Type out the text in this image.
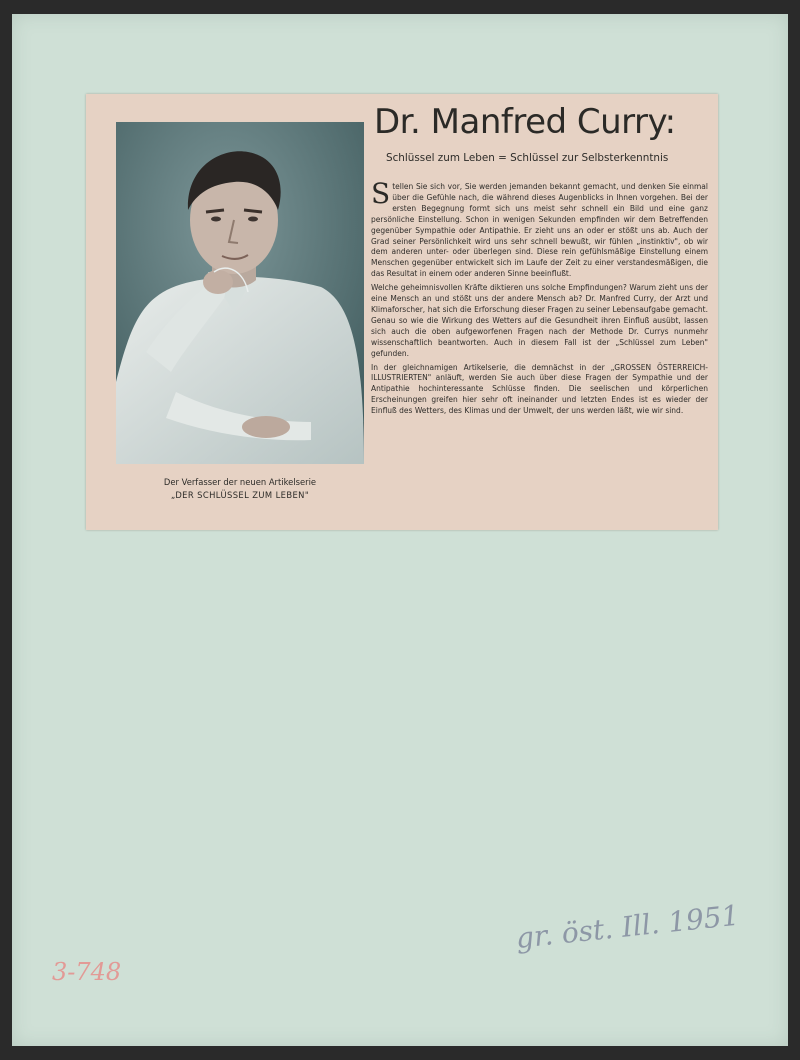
Der Verfasser der neuen Artikelserie
„DER SCHLÜSSEL ZUM LEBEN"
Dr. Manfred Curry:
Schlüssel zum Leben = Schlüssel zur Selbsterkenntnis

Stellen Sie sich vor, Sie werden jemanden bekannt gemacht, und denken Sie einmal über die Gefühle nach, die während dieses Augenblicks in Ihnen vorgehen. Bei der ersten Begegnung formt sich uns meist sehr schnell ein Bild und eine ganz persönliche Einstellung. Schon in wenigen Sekunden empfinden wir dem Betreffenden gegenüber Sympathie oder Antipathie. Er zieht uns an oder er stößt uns ab. Auch der Grad seiner Persönlichkeit wird uns sehr schnell bewußt, wir fühlen „instinktiv", ob wir dem anderen unter- oder überlegen sind. Diese rein gefühlsmäßige Einstellung einem Menschen gegenüber entwickelt sich im Laufe der Zeit zu einer verstandesmäßigen, die das Resultat in einem oder anderen Sinne beeinflußt.

Welche geheimnisvollen Kräfte diktieren uns solche Empfindungen? Warum zieht uns der eine Mensch an und stößt uns der andere Mensch ab? Dr. Manfred Curry, der Arzt und Klimaforscher, hat sich die Erforschung dieser Fragen zu seiner Lebensaufgabe gemacht. Genau so wie die Wirkung des Wetters auf die Gesundheit ihren Einfluß ausübt, lassen sich auch die oben aufgeworfenen Fragen nach der Methode Dr. Currys nunmehr wissenschaftlich beantworten. Auch in diesem Fall ist der „Schlüssel zum Leben" gefunden.

In der gleichnamigen Artikelserie, die demnächst in der „GROSSEN ÖSTERREICH-ILLUSTRIERTEN" anläuft, werden Sie auch über diese Fragen der Sympathie und der Antipathie hochinteressante Schlüsse finden. Die seelischen und körperlichen Erscheinungen greifen hier sehr oft ineinander und letzten Endes ist es wieder der Einfluß des Wetters, des Klimas und der Umwelt, der uns werden läßt, wie wir sind.

gr. öst. Ill. 1951
3-748
